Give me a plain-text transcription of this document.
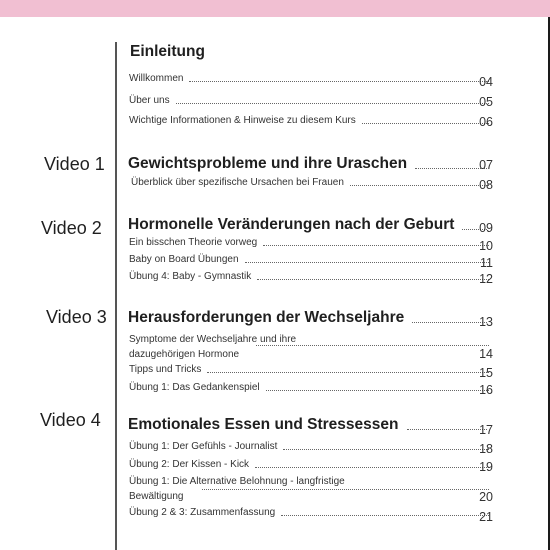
Einleitung
Willkommen	04
Über uns	05
Wichtige Informationen & Hinweise zu diesem Kurs	06
Video 1 Gewichtsprobleme und ihre Uraschen	07
Überblick über spezifische Ursachen bei Frauen	08
Video 2 Hormonelle Veränderungen nach der Geburt	09
Ein bisschen Theorie vorweg	10
Baby on Board Übungen	11
Übung 4: Baby - Gymnastik	12
Video 3 Herausforderungen der Wechseljahre	13
Symptome der Wechseljahre und ihre dazugehörigen Hormone	14
Tipps und Tricks	15
Übung 1: Das Gedankenspiel	16
Video 4 Emotionales Essen und Stressessen	17
Übung 1: Der Gefühls - Journalist	18
Übung 2: Der Kissen - Kick	19
Übung 1: Die Alternative Belohnung - langfristige Bewältigung	20
Übung 2 & 3: Zusammenfassung	21
